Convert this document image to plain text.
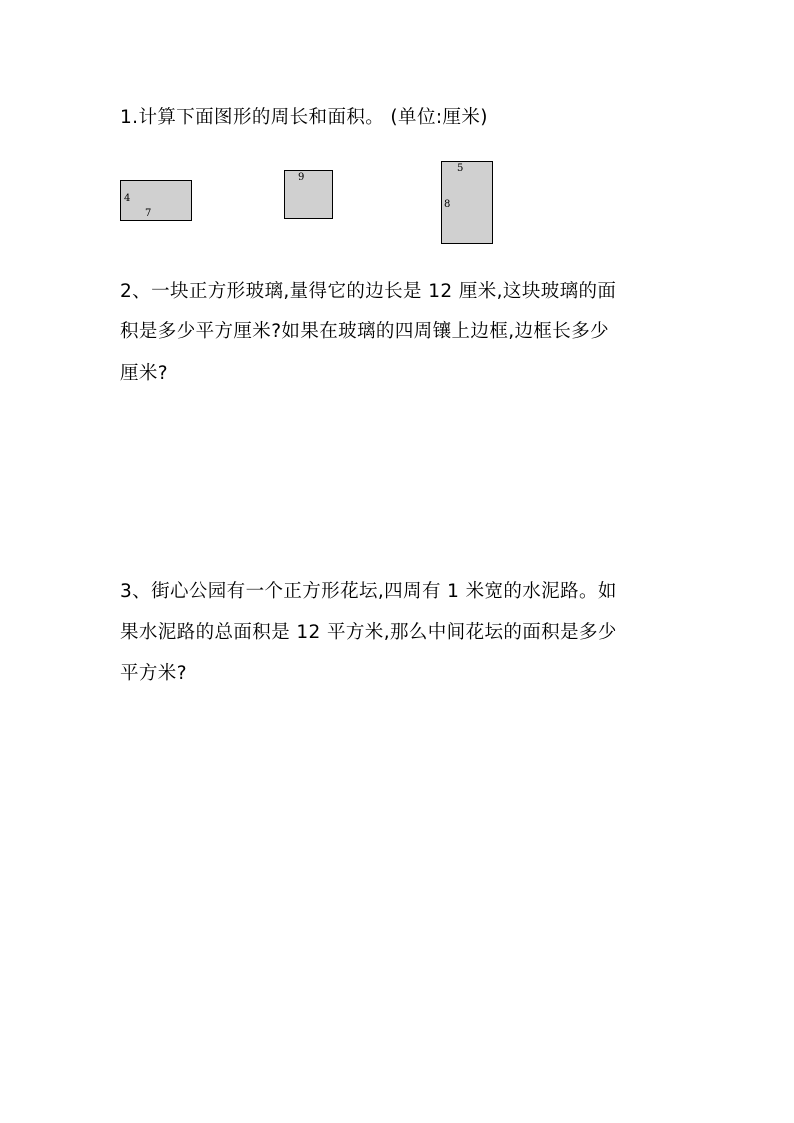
1.计算下面图形的周长和面积。 (单位:厘米)
4
7
9
5
8
2、一块正方形玻璃,量得它的边长是 12 厘米,这块玻璃的面
积是多少平方厘米?如果在玻璃的四周镶上边框,边框长多少
厘米?
3、街心公园有一个正方形花坛,四周有 1 米宽的水泥路。如
果水泥路的总面积是 12 平方米,那么中间花坛的面积是多少
平方米?
